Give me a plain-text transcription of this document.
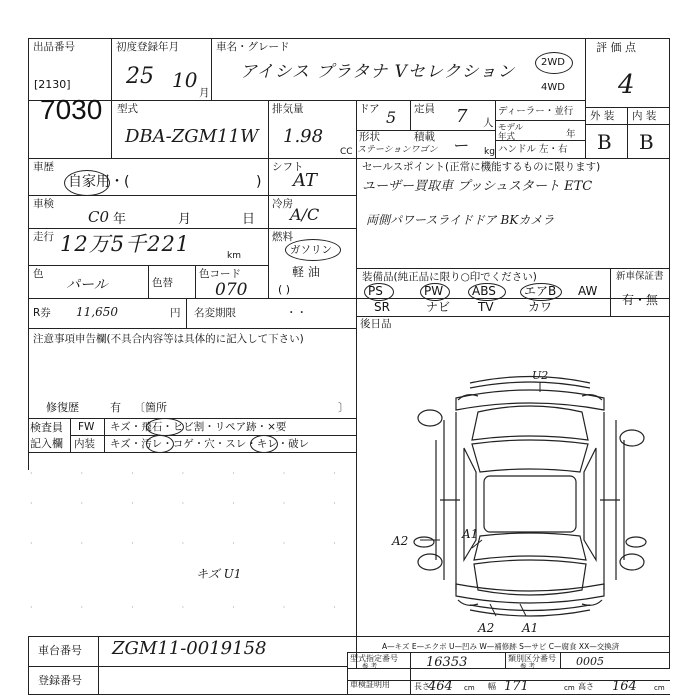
出品番号
[2130]
7030
初度登録年月
25 10
月
車名・グレード
アイシス プラタナ Vセレクション	2WD
4WD
評 価 点
4
外 装 内 装
B B
型式
DBA-ZGM11W
排気量
1.98
CC
ドア 5 定員 7 人
形状
ステーションワゴン
積載 ー kg
ディーラー・並行
モデル年式	年
ハンドル 左・右
車歴
自家用・(	)
車検
C0 年	月	日
走行 12万5千221	km
色
パール	色替
色コード
070
シフト
AT
冷房
A/C
燃料
ガソリン
軽 油
( )
セールスポイント(正常に機能するものに限ります)
ユーザー買取車 プッシュスタート ETC
両側パワースライドドア BKカメラ
装備品(純正品に限り○印でください)
PS	PW ABS エアB AW
SR	ナビ TV	カワ
新車保証書
有・無
R券 11,650	円 名変期限	・・
後日品
注意事項申告欄(不具合内容等は具体的に記入して下さい)
修復歴	有 〔箇所	〕
検査員
記入欄
FW キズ・飛石・ヒビ割・リペア跡・×要
内装 キズ・汚レ・コゲ・穴・スレ・キレ・破レ
·······
·······
·······
·······
キズ U1
U2
A2	A1
A2 A1
A—キズ E—エクボ U—凹み W—補修跡 S—サビ C—腐食 XX—交換済
車台番号 ZGM11-0019158
登録番号
型式指定番号
参 考	16353	類別区分番号
参 考	0005
車検証明用	長さ
464 cm 幅 171	cm 高さ 164 cm
